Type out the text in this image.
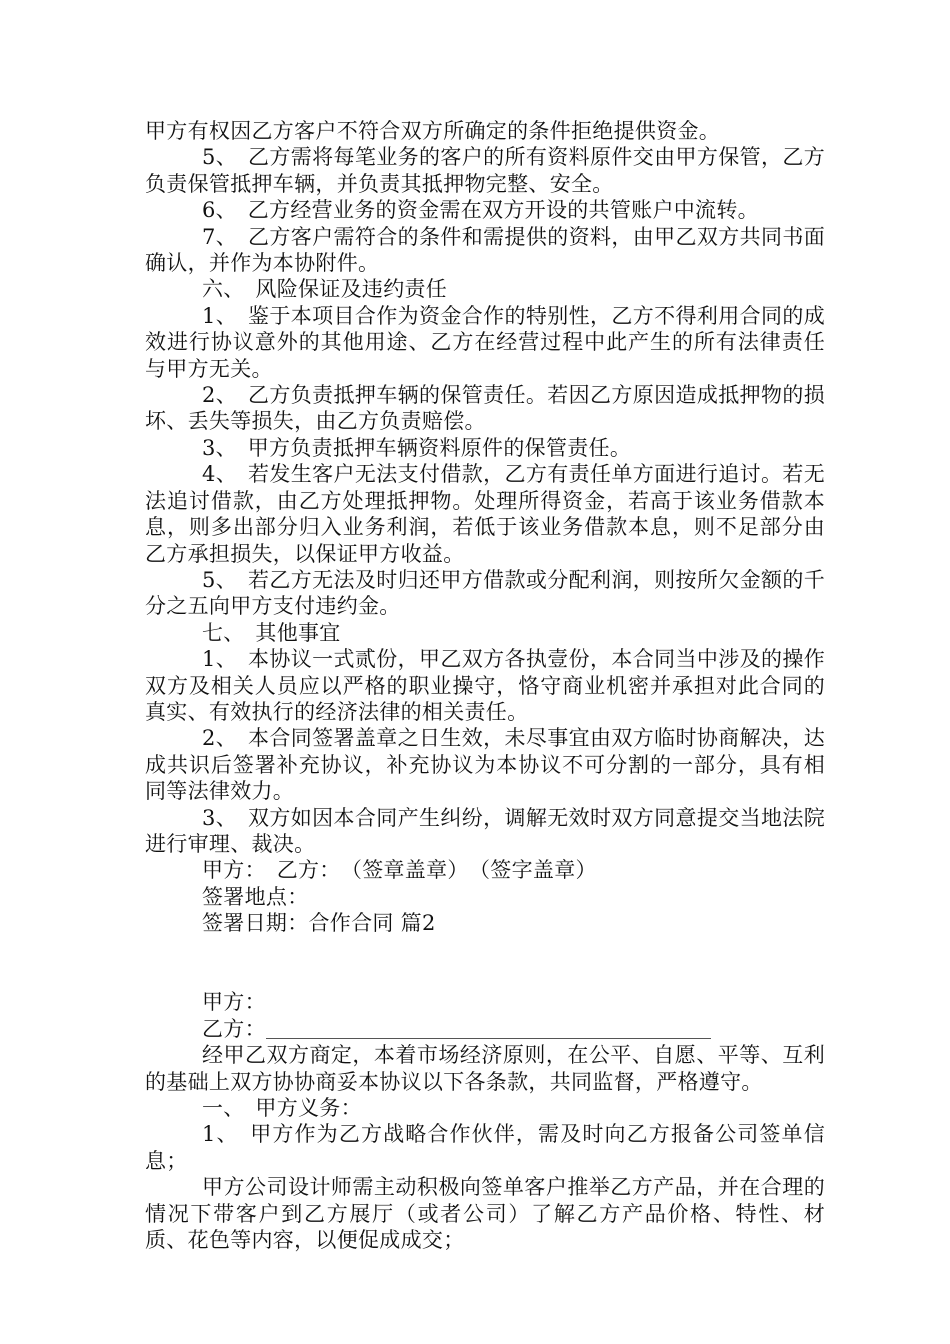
甲方有权因乙方客户不符合双方所确定的条件拒绝提供资金。

5、　乙方需将每笔业务的客户的所有资料原件交由甲方保管，乙方负责保管抵押车辆，并负责其抵押物完整、安全。

6、　乙方经营业务的资金需在双方开设的共管账户中流转。

7、　乙方客户需符合的条件和需提供的资料，由甲乙双方共同书面确认，并作为本协附件。

六、　风险保证及违约责任

1、　鉴于本项目合作为资金合作的特别性，乙方不得利用合同的成效进行协议意外的其他用途、乙方在经营过程中此产生的所有法律责任与甲方无关。

2、　乙方负责抵押车辆的保管责任。若因乙方原因造成抵押物的损坏、丢失等损失，由乙方负责赔偿。

3、　甲方负责抵押车辆资料原件的保管责任。

4、　若发生客户无法支付借款，乙方有责任单方面进行追讨。若无法追讨借款，由乙方处理抵押物。处理所得资金，若高于该业务借款本息，则多出部分归入业务利润，若低于该业务借款本息，则不足部分由乙方承担损失，以保证甲方收益。

5、　若乙方无法及时归还甲方借款或分配利润，则按所欠金额的千分之五向甲方支付违约金。

七、　其他事宜

1、　本协议一式贰份，甲乙双方各执壹份，本合同当中涉及的操作双方及相关人员应以严格的职业操守，恪守商业机密并承担对此合同的真实、有效执行的经济法律的相关责任。

2、　本合同签署盖章之日生效，未尽事宜由双方临时协商解决，达成共识后签署补充协议，补充协议为本协议不可分割的一部分，具有相同等法律效力。

3、　双方如因本合同产生纠纷，调解无效时双方同意提交当地法院进行审理、裁决。

甲方：　乙方：　（签章盖章）　（签字盖章）

签署地点：

签署日期：合作合同 篇2

甲方：

乙方：

经甲乙双方商定，本着市场经济原则，在公平、自愿、平等、互利的基础上双方协协商妥本协议以下各条款，共同监督，严格遵守。

一、　甲方义务：

1、　甲方作为乙方战略合作伙伴，需及时向乙方报备公司签单信息；

甲方公司设计师需主动积极向签单客户推举乙方产品，并在合理的情况下带客户到乙方展厅（或者公司）了解乙方产品价格、特性、材质、花色等内容，以便促成成交；
